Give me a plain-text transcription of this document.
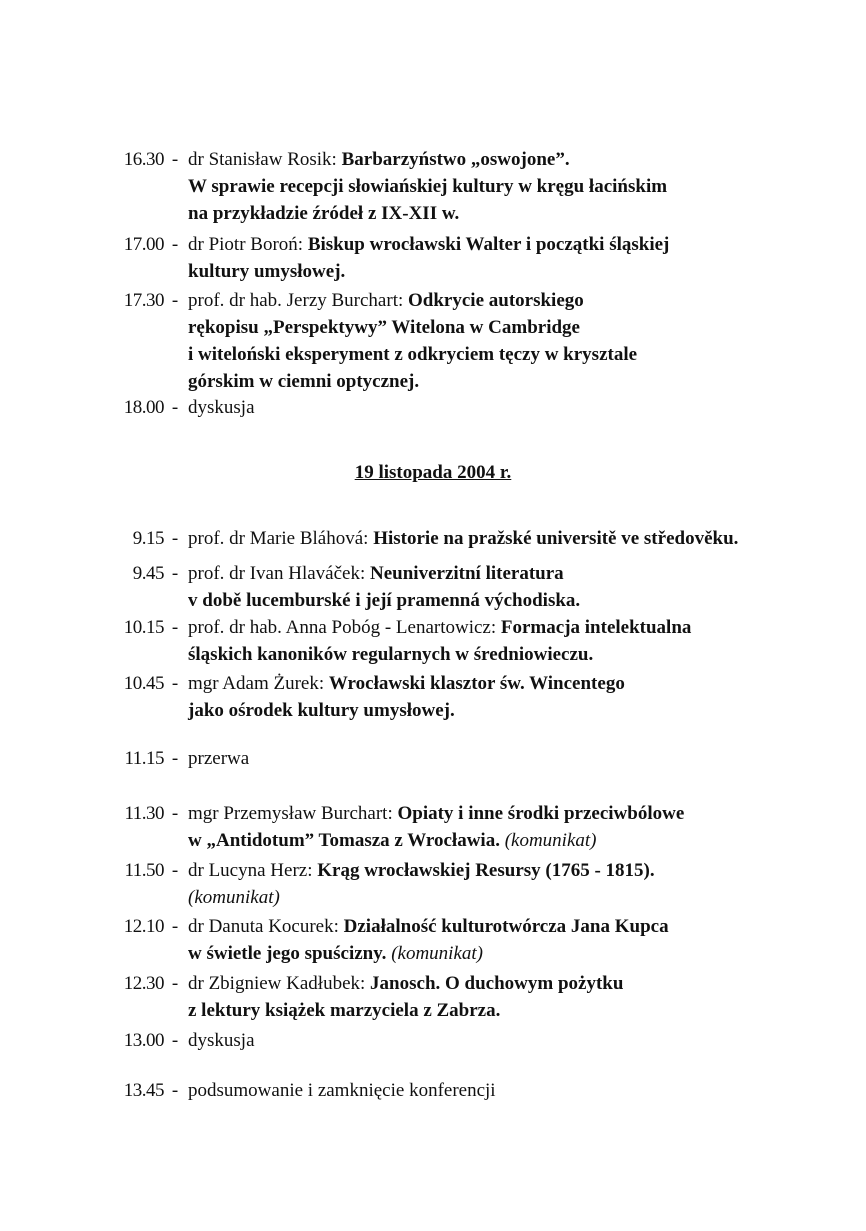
16.30 - dr Stanisław Rosik: Barbarzyństwo „oswojone”.
W sprawie recepcji słowiańskiej kultury w kręgu łacińskim
na przykładzie źródeł z IX-XII w.
17.00 - dr Piotr Boroń: Biskup wrocławski Walter i początki śląskiej
kultury umysłowej.
17.30 - prof. dr hab. Jerzy Burchart: Odkrycie autorskiego
rękopisu „Perspektywy” Witelona w Cambridge
i witeloński eksperyment z odkryciem tęczy w krysztale
górskim w ciemni optycznej.
18.00 - dyskusja
19 listopada 2004 r.
9.15 - prof. dr Marie Bláhová: Historie na pražské universitě ve středověku.
9.45 - prof. dr Ivan Hlaváček: Neuniverzitní literatura
v době lucemburské i její pramenná východiska.
10.15 - prof. dr hab. Anna Pobóg - Lenartowicz: Formacja intelektualna
śląskich kanoników regularnych w średniowieczu.
10.45 - mgr Adam Żurek: Wrocławski klasztor św. Wincentego
jako ośrodek kultury umysłowej.
11.15 - przerwa
11.30 - mgr Przemysław Burchart: Opiaty i inne środki przeciwbólowe
w „Antidotum” Tomasza z Wrocławia. (komunikat)
11.50 - dr Lucyna Herz: Krąg wrocławskiej Resursy (1765 - 1815).
(komunikat)
12.10 - dr Danuta Kocurek: Działalność kulturotwórcza Jana Kupca
w świetle jego spuścizny. (komunikat)
12.30 - dr Zbigniew Kadłubek: Janosch. O duchowym pożytku
z lektury książek marzyciela z Zabrza.
13.00 - dyskusja
13.45 - podsumowanie i zamknięcie konferencji
